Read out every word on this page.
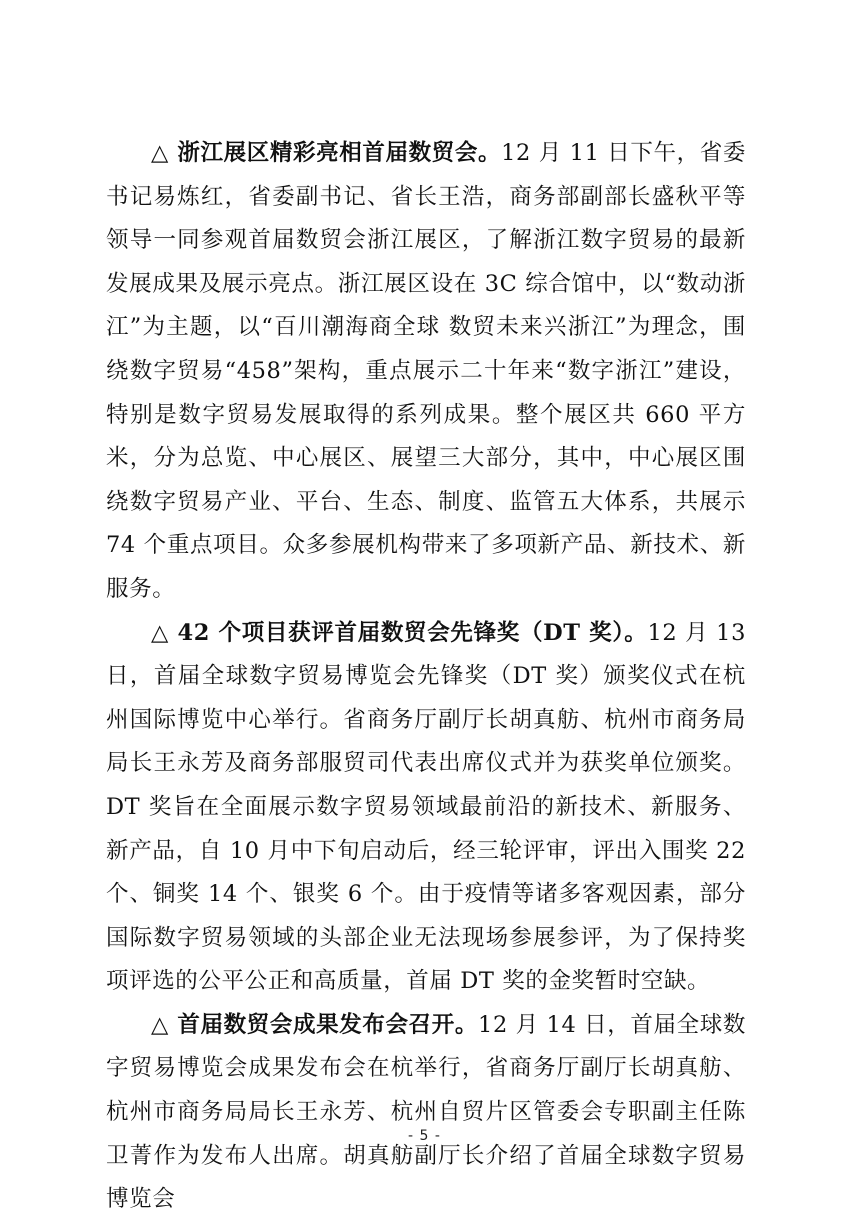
△ 浙江展区精彩亮相首届数贸会。12 月 11 日下午，省委书记易炼红，省委副书记、省长王浩，商务部副部长盛秋平等领导一同参观首届数贸会浙江展区，了解浙江数字贸易的最新发展成果及展示亮点。浙江展区设在 3C 综合馆中，以“数动浙江”为主题，以“百川潮海商全球 数贸未来兴浙江”为理念，围绕数字贸易“458”架构，重点展示二十年来“数字浙江”建设，特别是数字贸易发展取得的系列成果。整个展区共 660 平方米，分为总览、中心展区、展望三大部分，其中，中心展区围绕数字贸易产业、平台、生态、制度、监管五大体系，共展示 74 个重点项目。众多参展机构带来了多项新产品、新技术、新服务。

△ 42 个项目获评首届数贸会先锋奖（DT 奖）。12 月 13 日，首届全球数字贸易博览会先锋奖（DT 奖）颁奖仪式在杭州国际博览中心举行。省商务厅副厅长胡真舫、杭州市商务局局长王永芳及商务部服贸司代表出席仪式并为获奖单位颁奖。DT 奖旨在全面展示数字贸易领域最前沿的新技术、新服务、新产品，自 10 月中下旬启动后，经三轮评审，评出入围奖 22 个、铜奖 14 个、银奖 6 个。由于疫情等诸多客观因素，部分国际数字贸易领域的头部企业无法现场参展参评，为了保持奖项评选的公平公正和高质量，首届 DT 奖的金奖暂时空缺。

△ 首届数贸会成果发布会召开。12 月 14 日，首届全球数字贸易博览会成果发布会在杭举行，省商务厅副厅长胡真舫、杭州市商务局局长王永芳、杭州自贸片区管委会专职副主任陈卫菁作为发布人出席。胡真舫副厅长介绍了首届全球数字贸易博览会

- 5 -
